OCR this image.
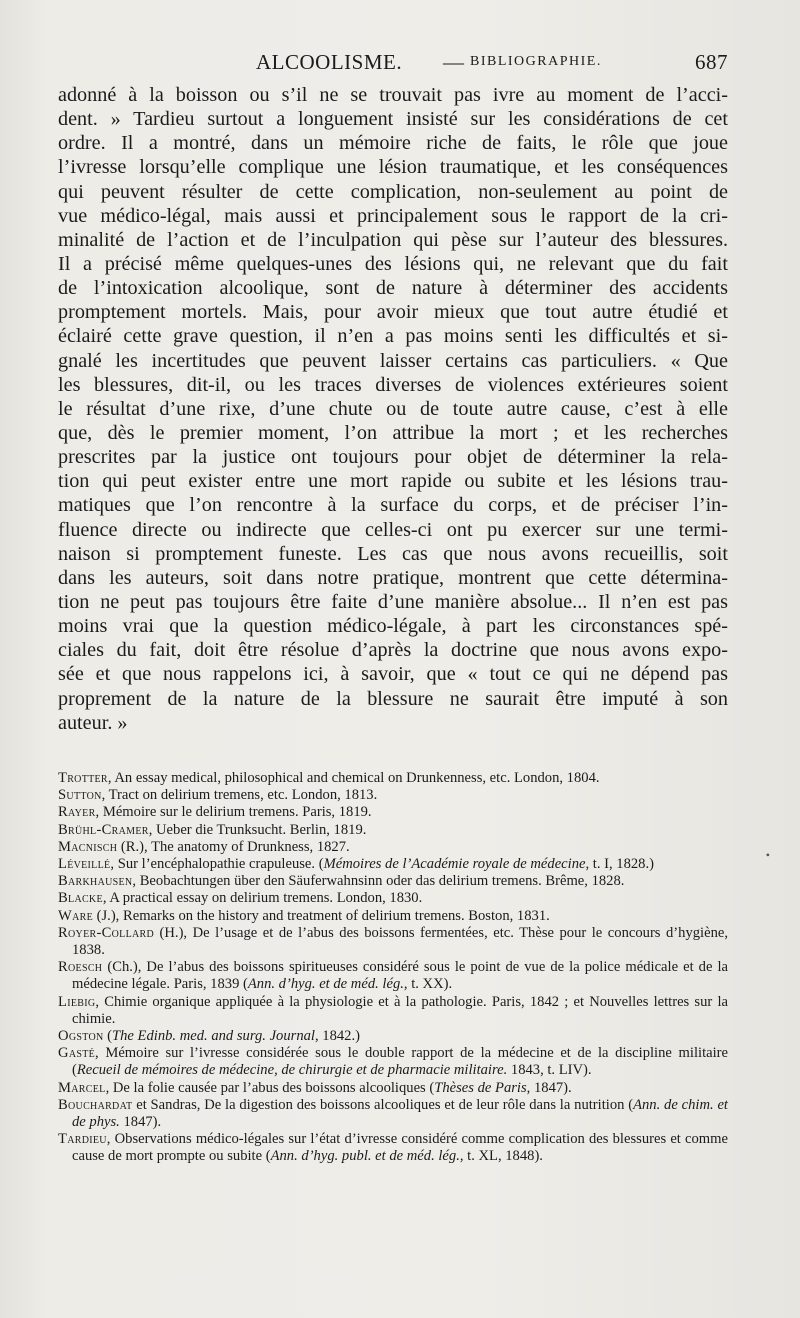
ALCOOLISME. — BIBLIOGRAPHIE.	687
adonné à la boisson ou s’il ne se trouvait pas ivre au moment de l’acci-
dent. » Tardieu surtout a longuement insisté sur les considérations de cet
ordre. Il a montré, dans un mémoire riche de faits, le rôle que joue
l’ivresse lorsqu’elle complique une lésion traumatique, et les conséquences
qui peuvent résulter de cette complication, non-seulement au point de
vue médico-légal, mais aussi et principalement sous le rapport de la cri-
minalité de l’action et de l’inculpation qui pèse sur l’auteur des blessures.
Il a précisé même quelques-unes des lésions qui, ne relevant que du fait
de l’intoxication alcoolique, sont de nature à déterminer des accidents
promptement mortels. Mais, pour avoir mieux que tout autre étudié et
éclairé cette grave question, il n’en a pas moins senti les difficultés et si-
gnalé les incertitudes que peuvent laisser certains cas particuliers. « Que
les blessures, dit-il, ou les traces diverses de violences extérieures soient
le résultat d’une rixe, d’une chute ou de toute autre cause, c’est à elle
que, dès le premier moment, l’on attribue la mort ; et les recherches
prescrites par la justice ont toujours pour objet de déterminer la rela-
tion qui peut exister entre une mort rapide ou subite et les lésions trau-
matiques que l’on rencontre à la surface du corps, et de préciser l’in-
fluence directe ou indirecte que celles-ci ont pu exercer sur une termi-
naison si promptement funeste. Les cas que nous avons recueillis, soit
dans les auteurs, soit dans notre pratique, montrent que cette détermina-
tion ne peut pas toujours être faite d’une manière absolue... Il n’en est pas
moins vrai que la question médico-légale, à part les circonstances spé-
ciales du fait, doit être résolue d’après la doctrine que nous avons expo-
sée et que nous rappelons ici, à savoir, que « tout ce qui ne dépend pas
proprement de la nature de la blessure ne saurait être imputé à son
auteur. »

Trotter, An essay medical, philosophical and chemical on Drunkenness, etc. London, 1804.

Sutton, Tract on delirium tremens, etc. London, 1813.

Rayer, Mémoire sur le delirium tremens. Paris, 1819.

Brühl-Cramer, Ueber die Trunksucht. Berlin, 1819.

Macnisch (R.), The anatomy of Drunkness, 1827.

Léveillé, Sur l’encéphalopathie crapuleuse. (Mémoires de l’Académie royale de médecine, t. I, 1828.)

Barkhausen, Beobachtungen über den Säuferwahnsinn oder das delirium tremens. Brême, 1828.

Blacke, A practical essay on delirium tremens. London, 1830.

Ware (J.), Remarks on the history and treatment of delirium tremens. Boston, 1831.

Royer-Collard (H.), De l’usage et de l’abus des boissons fermentées, etc. Thèse pour le concours d’hygiène, 1838.

Roesch (Ch.), De l’abus des boissons spiritueuses considéré sous le point de vue de la police médicale et de la médecine légale. Paris, 1839 (Ann. d’hyg. et de méd. lég., t. XX).

Liebig, Chimie organique appliquée à la physiologie et à la pathologie. Paris, 1842 ; et Nouvelles lettres sur la chimie.

Ogston (The Edinb. med. and surg. Journal, 1842.)

Gasté, Mémoire sur l’ivresse considérée sous le double rapport de la médecine et de la discipline militaire (Recueil de mémoires de médecine, de chirurgie et de pharmacie militaire. 1843, t. LIV).

Marcel, De la folie causée par l’abus des boissons alcooliques (Thèses de Paris, 1847).

Bouchardat et Sandras, De la digestion des boissons alcooliques et de leur rôle dans la nutrition (Ann. de chim. et de phys. 1847).

Tardieu, Observations médico-légales sur l’état d’ivresse considéré comme complication des blessures et comme cause de mort prompte ou subite (Ann. d’hyg. publ. et de méd. lég., t. XL, 1848).

•
